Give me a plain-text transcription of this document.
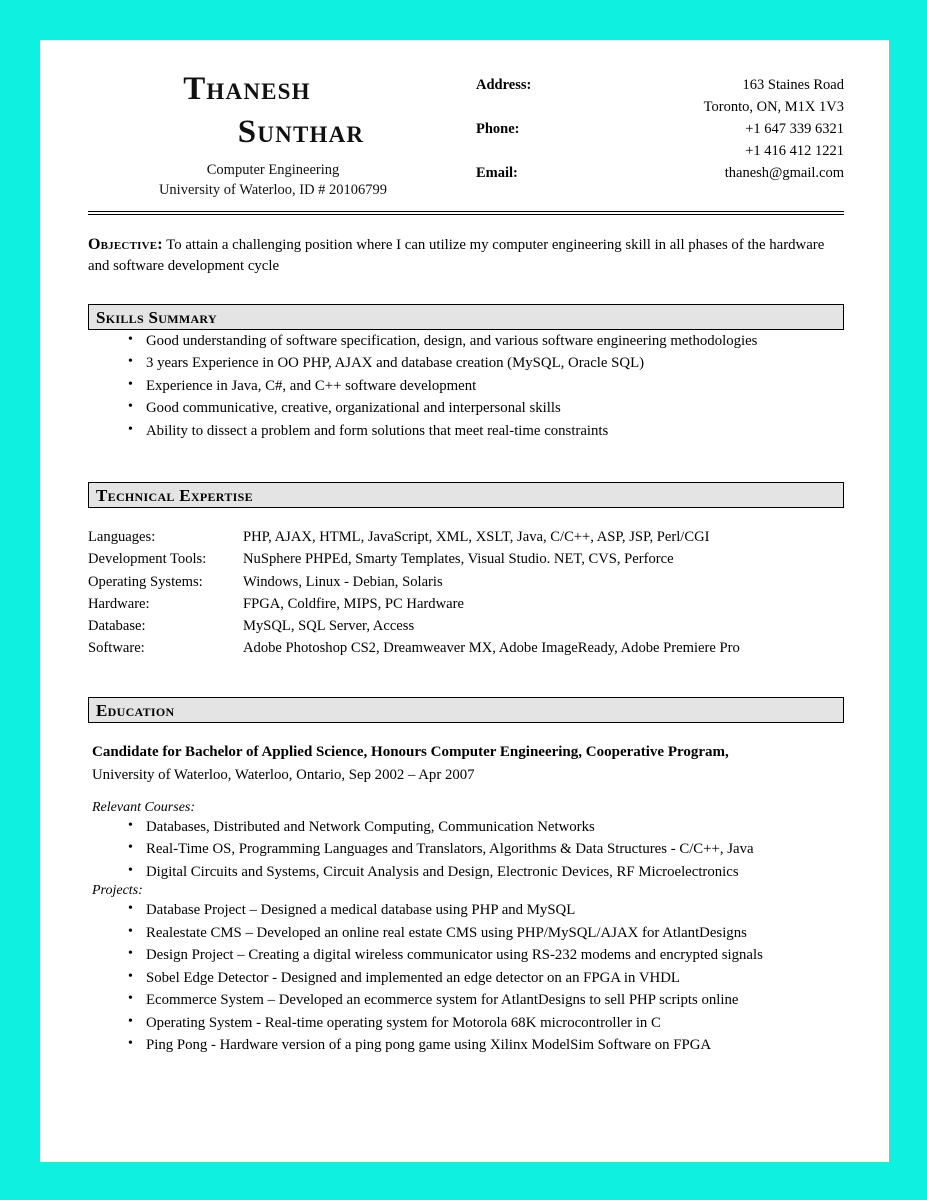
Thanesh
Sunthar
Computer Engineering
University of Waterloo, ID # 20106799
Address:	163 Staines Road
	Toronto, ON, M1X 1V3
Phone:	+1 647 339 6321
	+1 416 412 1221
Email:	thanesh@gmail.com
Objective: To attain a challenging position where I can utilize my computer engineering skill in all phases of the hardware and software development cycle
Skills Summary
• Good understanding of software specification, design, and various software engineering methodologies
• 3 years Experience in OO PHP, AJAX and database creation (MySQL, Oracle SQL)
• Experience in Java, C#, and C++ software development
• Good communicative, creative, organizational and interpersonal skills
• Ability to dissect a problem and form solutions that meet real-time constraints
Technical Expertise
Languages:	PHP, AJAX, HTML, JavaScript, XML, XSLT, Java, C/C++, ASP, JSP, Perl/CGI
Development Tools:	NuSphere PHPEd, Smarty Templates, Visual Studio. NET, CVS, Perforce
Operating Systems:	Windows, Linux - Debian, Solaris
Hardware:	FPGA, Coldfire, MIPS, PC Hardware
Database:	MySQL, SQL Server, Access
Software:	Adobe Photoshop CS2, Dreamweaver MX, Adobe ImageReady, Adobe Premiere Pro
Education
Candidate for Bachelor of Applied Science, Honours Computer Engineering, Cooperative Program,
University of Waterloo, Waterloo, Ontario, Sep 2002 – Apr 2007
Relevant Courses:
• Databases, Distributed and Network Computing, Communication Networks
• Real-Time OS, Programming Languages and Translators, Algorithms & Data Structures - C/C++, Java
• Digital Circuits and Systems, Circuit Analysis and Design, Electronic Devices, RF Microelectronics
Projects:
• Database Project – Designed a medical database using PHP and MySQL
• Realestate CMS – Developed an online real estate CMS using PHP/MySQL/AJAX for AtlantDesigns
• Design Project – Creating a digital wireless communicator using RS-232 modems and encrypted signals
• Sobel Edge Detector - Designed and implemented an edge detector on an FPGA in VHDL
• Ecommerce System – Developed an ecommerce system for AtlantDesigns to sell PHP scripts online
• Operating System - Real-time operating system for Motorola 68K microcontroller in C
• Ping Pong - Hardware version of a ping pong game using Xilinx ModelSim Software on FPGA
